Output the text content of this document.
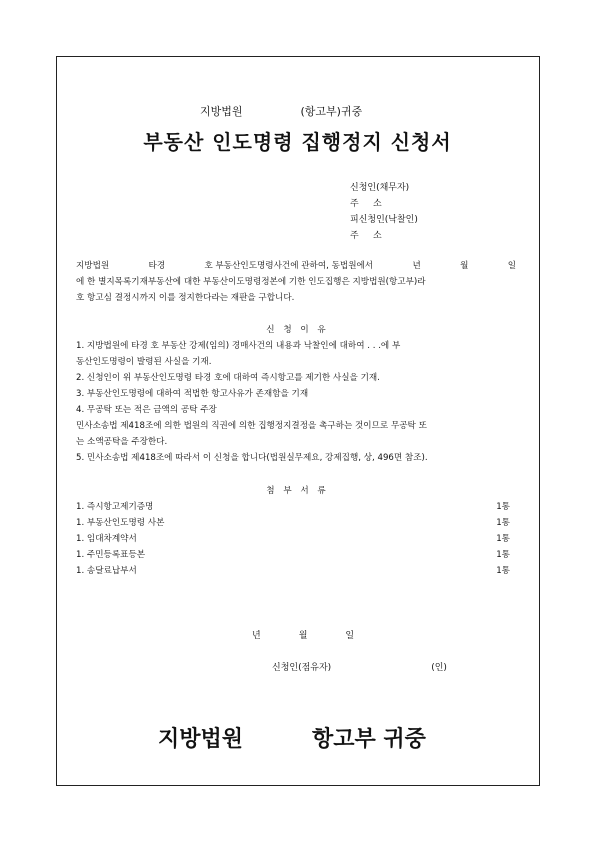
지방법원	(항고부)귀중
부동산 인도명령 집행정지 신청서
신청인(채무자)
주     소
피신청인(낙찰인)
주     소
지방법원	타경	호 부동산인도명령사건에 관하여, 동법원에서	년	월	일
에 한 별지목록기재부동산에 대한 부동산이도명령정본에 기한 인도집행은 지방법원(항고부)라
호 항고심 결정시까지 이를 정지한다라는 재판을 구합니다.
신 청 이 유
1. 지방법원에 타경 호 부동산 강제(임의) 경매사건의 내용과 낙찰인에 대하여 . . .에 부
동산인도명령이 발령된 사실을 기재.
2. 신청인이 위 부동산인도명령 타경 호에 대하여 즉시항고를 제기한 사실을 기재.
3. 부동산인도명령에 대하여 적법한 항고사유가 존재함을 기재
4. 무공탁 또는 적은 금액의 공탁 주장
민사소송법 제418조에 의한 법원의 직권에 의한 집행정지결정을 촉구하는 것이므로 무공탁 또
는 소액공탁을 주장한다.
5. 민사소송법 제418조에 따라서 이 신청을 합니다(법원실무제요, 강제집행, 상, 496면 참조).
첨 부 서 류
1. 즉시항고제기증명	1통
1. 부동산인도명령 사본	1통
1. 임대차계약서	1통
1. 주민등록표등본	1통
1. 송달료납부서	1통
년	월	일
신청인(점유자)	(인)
지방법원	항고부 귀중
